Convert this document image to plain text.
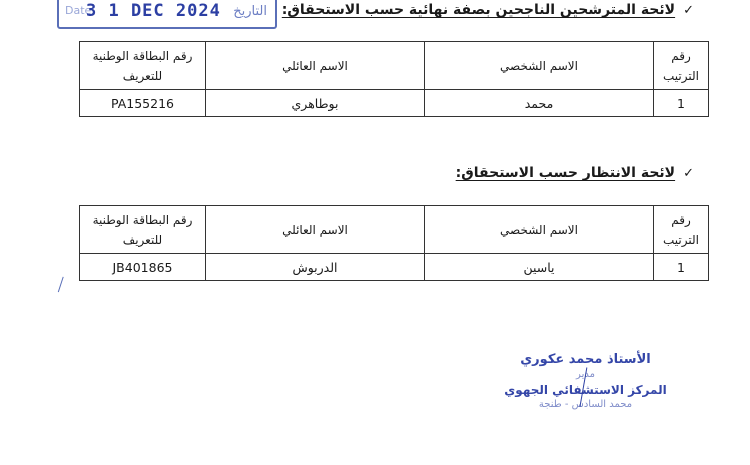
Date
3 1 DEC 2024 التاريخ	✓لائحة المترشحين الناجحين بصفة نهائية حسب الاستحقاق:
رقم
الترتيب	الاسم الشخصي	الاسم العائلي	رقم البطاقة الوطنية
للتعريف
1	محمد	بوطاهري	PA155216
✓لائحة الانتظار حسب الاستحقاق:
رقم
الترتيب	الاسم الشخصي	الاسم العائلي	رقم البطاقة الوطنية
للتعريف
1	ياسين	الدربوش	JB401865
الأستاذ محمد عكوري
مدير
المركز الاستشفائي الجهوي
محمد السادس - طنجة
